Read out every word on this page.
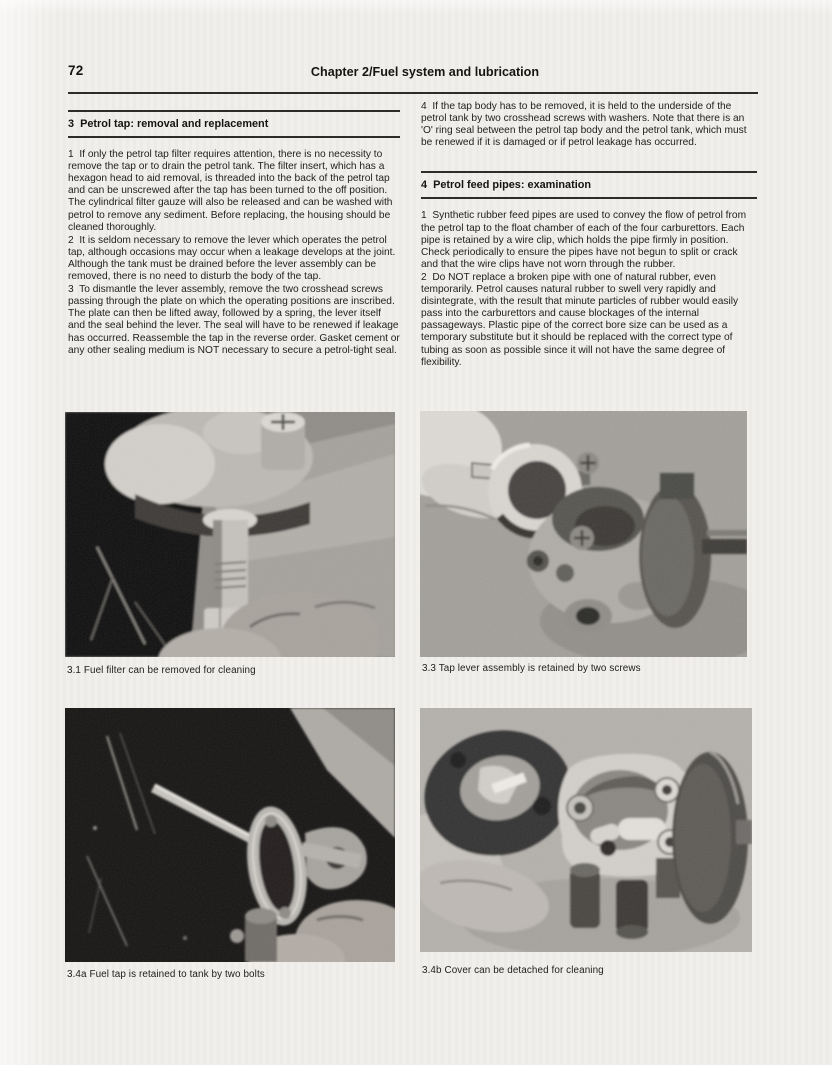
72	Chapter 2/Fuel system and lubrication
3  Petrol tap: removal and replacement

1  If only the petrol tap filter requires attention, there is no necessity to remove the tap or to drain the petrol tank. The filter insert, which has a hexagon head to aid removal, is threaded into the back of the petrol tap and can be unscrewed after the tap has been turned to the off position. The cylindrical filter gauze will also be released and can be washed with petrol to remove any sediment. Before replacing, the housing should be cleaned thoroughly.

2  It is seldom necessary to remove the lever which operates the petrol tap, although occasions may occur when a leakage develops at the joint. Although the tank must be drained before the lever assembly can be removed, there is no need to disturb the body of the tap.

3  To dismantle the lever assembly, remove the two crosshead screws passing through the plate on which the operating positions are inscribed. The plate can then be lifted away, followed by a spring, the lever itself and the seal behind the lever. The seal will have to be renewed if leakage has occurred. Reassemble the tap in the reverse order. Gasket cement or any other sealing medium is NOT necessary to secure a petrol-tight seal.

4  If the tap body has to be removed, it is held to the underside of the petrol tank by two crosshead screws with washers. Note that there is an 'O' ring seal between the petrol tap body and the petrol tank, which must be renewed if it is damaged or if petrol leakage has occurred.

4  Petrol feed pipes: examination

1  Synthetic rubber feed pipes are used to convey the flow of petrol from the petrol tap to the float chamber of each of the four carburettors. Each pipe is retained by a wire clip, which holds the pipe firmly in position. Check periodically to ensure the pipes have not begun to split or crack and that the wire clips have not worn through the rubber.

2  Do NOT replace a broken pipe with one of natural rubber, even temporarily. Petrol causes natural rubber to swell very rapidly and disintegrate, with the result that minute particles of rubber would easily pass into the carburettors and cause blockages of the internal passageways. Plastic pipe of the correct bore size can be used as a temporary substitute but it should be replaced with the correct type of tubing as soon as possible since it will not have the same degree of flexibility.

3.1 Fuel filter can be removed for cleaning	3.3 Tap lever assembly is retained by two screws
3.4a Fuel tap is retained to tank by two bolts	3.4b Cover can be detached for cleaning
